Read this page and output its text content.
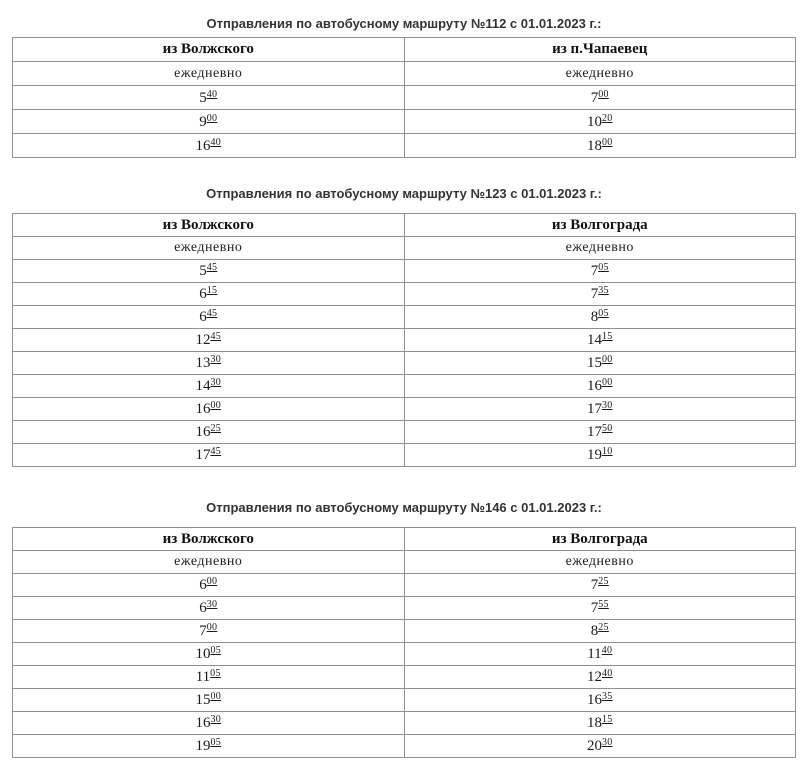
Отправления по автобусному маршруту №112 с 01.01.2023 г.:
из Волжского	из п.Чапаевец
ежедневно	ежедневно
$5^{40}$	$7^{00}$
$9^{00}$	$10^{20}$
$16^{40}$	$18^{00}$
Отправления по автобусному маршруту №123 с 01.01.2023 г.:
из Волжского	из Волгограда
ежедневно	ежедневно
$5^{45}$	$7^{05}$
$6^{15}$	$7^{35}$
$6^{45}$	$8^{05}$
$12^{45}$	$14^{15}$
$13^{30}$	$15^{00}$
$14^{30}$	$16^{00}$
$16^{00}$	$17^{30}$
$16^{25}$	$17^{50}$
$17^{45}$	$19^{10}$
Отправления по автобусному маршруту №146 с 01.01.2023 г.:
из Волжского	из Волгограда
ежедневно	ежедневно
$6^{00}$	$7^{25}$
$6^{30}$	$7^{55}$
$7^{00}$	$8^{25}$
$10^{05}$	$11^{40}$
$11^{05}$	$12^{40}$
$15^{00}$	$16^{35}$
$16^{30}$	$18^{15}$
$19^{05}$	$20^{30}$
